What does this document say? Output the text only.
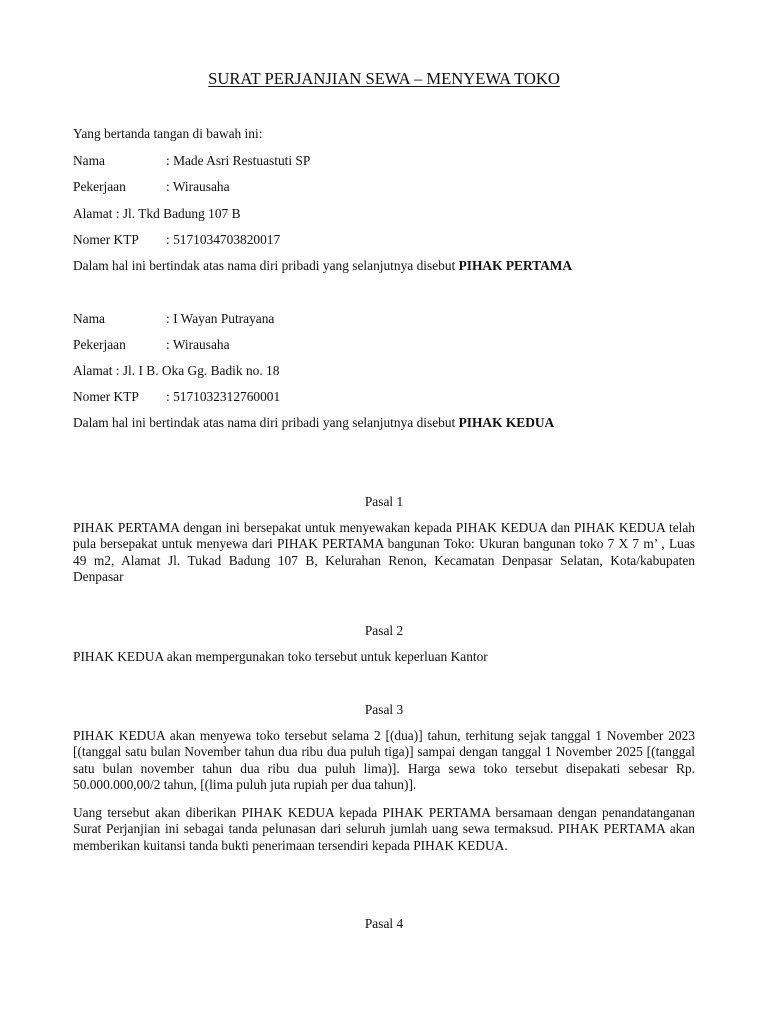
SURAT PERJANJIAN SEWA – MENYEWA TOKO
Yang bertanda tangan di bawah ini:
Nama	: Made Asri Restuastuti SP
Pekerjaan	: Wirausaha
Alamat : Jl. Tkd Badung 107 B
Nomer KTP : 5171034703820017
Dalam hal ini bertindak atas nama diri pribadi yang selanjutnya disebut PIHAK PERTAMA
Nama	: I Wayan Putrayana
Pekerjaan	: Wirausaha
Alamat : Jl. I B. Oka Gg. Badik no. 18
Nomer KTP : 5171032312760001
Dalam hal ini bertindak atas nama diri pribadi yang selanjutnya disebut PIHAK KEDUA
Pasal 1
PIHAK PERTAMA dengan ini bersepakat untuk menyewakan kepada PIHAK KEDUA dan PIHAK KEDUA telah pula bersepakat untuk menyewa dari PIHAK PERTAMA bangunan Toko: Ukuran bangunan toko 7 X 7 m’ , Luas 49 m2, Alamat Jl. Tukad Badung 107 B, Kelurahan Renon, Kecamatan Denpasar Selatan, Kota/kabupaten Denpasar
Pasal 2
PIHAK KEDUA akan mempergunakan toko tersebut untuk keperluan Kantor
Pasal 3
PIHAK KEDUA akan menyewa toko tersebut selama 2 [(dua)] tahun, terhitung sejak tanggal 1 November 2023 [(tanggal satu bulan November tahun dua ribu dua puluh tiga)] sampai dengan tanggal 1 November 2025 [(tanggal satu bulan november tahun dua ribu dua puluh lima)]. Harga sewa toko tersebut disepakati sebesar Rp. 50.000.000,00/2 tahun, [(lima puluh juta rupiah per dua tahun)].
Uang tersebut akan diberikan PIHAK KEDUA kepada PIHAK PERTAMA bersamaan dengan penandatanganan Surat Perjanjian ini sebagai tanda pelunasan dari seluruh jumlah uang sewa termaksud. PIHAK PERTAMA akan memberikan kuitansi tanda bukti penerimaan tersendiri kepada PIHAK KEDUA.
Pasal 4
